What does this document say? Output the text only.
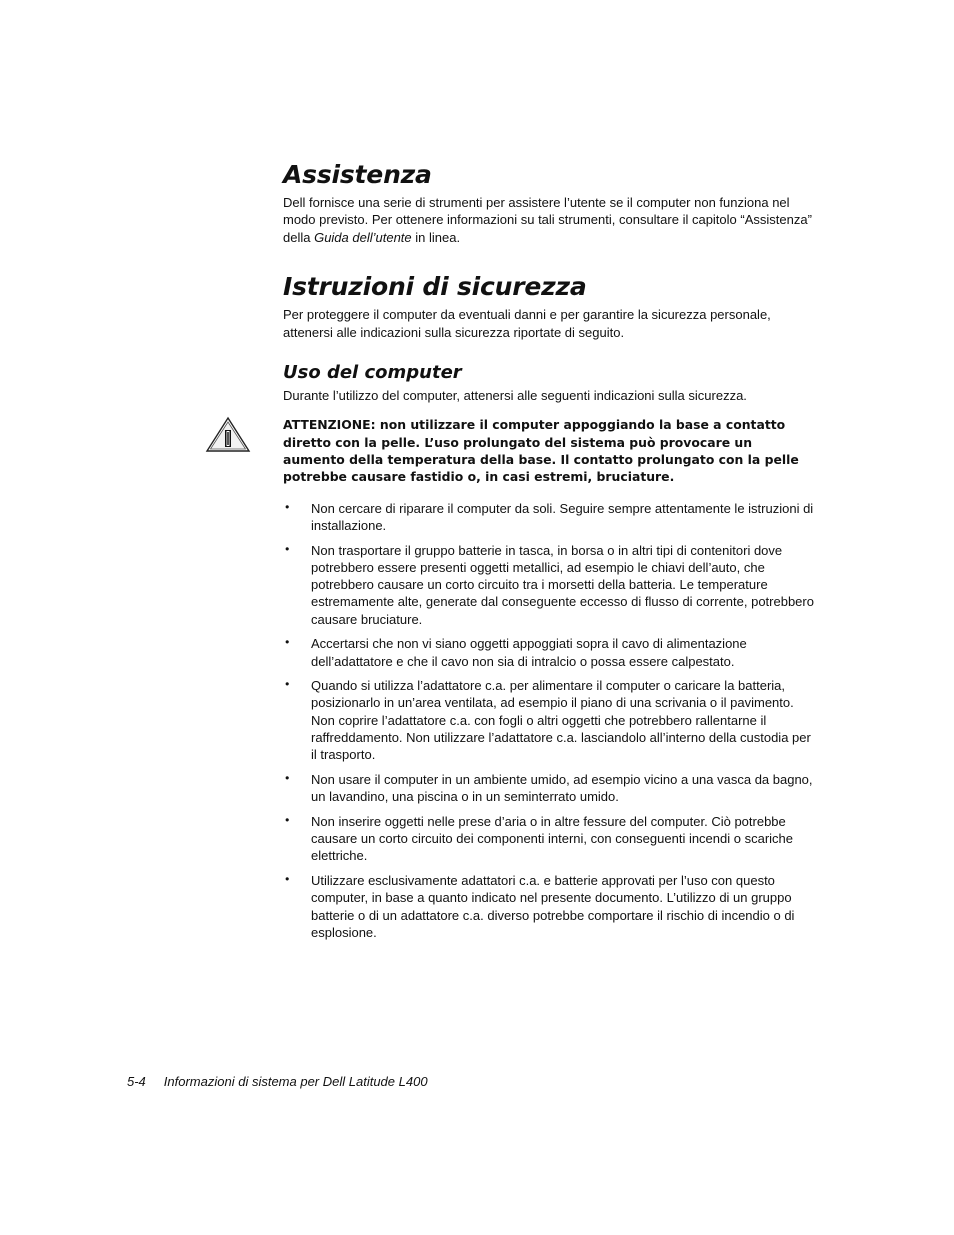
Assistenza

Dell fornisce una serie di strumenti per assistere l’utente se il computer non funziona nel modo previsto. Per ottenere informazioni su tali strumenti, consultare il capitolo “Assistenza” della Guida dell’utente in linea.

Istruzioni di sicurezza

Per proteggere il computer da eventuali danni e per garantire la sicurezza personale, attenersi alle indicazioni sulla sicurezza riportate di seguito.

Uso del computer

Durante l’utilizzo del computer, attenersi alle seguenti indicazioni sulla sicurezza.

ATTENZIONE: non utilizzare il computer appoggiando la base a contatto diretto con la pelle. L’uso prolungato del sistema può provocare un aumento della temperatura della base. Il contatto prolungato con la pelle potrebbe causare fastidio o, in casi estremi, bruciature.

• Non cercare di riparare il computer da soli. Seguire sempre attentamente le istruzioni di installazione.
• Non trasportare il gruppo batterie in tasca, in borsa o in altri tipi di contenitori dove potrebbero essere presenti oggetti metallici, ad esempio le chiavi dell’auto, che potrebbero causare un corto circuito tra i morsetti della batteria. Le temperature estremamente alte, generate dal conseguente eccesso di flusso di corrente, potrebbero causare bruciature.
• Accertarsi che non vi siano oggetti appoggiati sopra il cavo di alimentazione dell’adattatore e che il cavo non sia di intralcio o possa essere calpestato.
• Quando si utilizza l’adattatore c.a. per alimentare il computer o caricare la batteria, posizionarlo in un’area ventilata, ad esempio il piano di una scrivania o il pavimento. Non coprire l’adattatore c.a. con fogli o altri oggetti che potrebbero rallentarne il raffreddamento. Non utilizzare l’adattatore c.a. lasciandolo all’interno della custodia per il trasporto.
• Non usare il computer in un ambiente umido, ad esempio vicino a una vasca da bagno, un lavandino, una piscina o in un seminterrato umido.
• Non inserire oggetti nelle prese d’aria o in altre fessure del computer. Ciò potrebbe causare un corto circuito dei componenti interni, con conseguenti incendi o scariche elettriche.
• Utilizzare esclusivamente adattatori c.a. e batterie approvati per l’uso con questo computer, in base a quanto indicato nel presente documento. L’utilizzo di un gruppo batterie o di un adattatore c.a. diverso potrebbe comportare il rischio di incendio o di esplosione.
5-4 Informazioni di sistema per Dell Latitude L400
